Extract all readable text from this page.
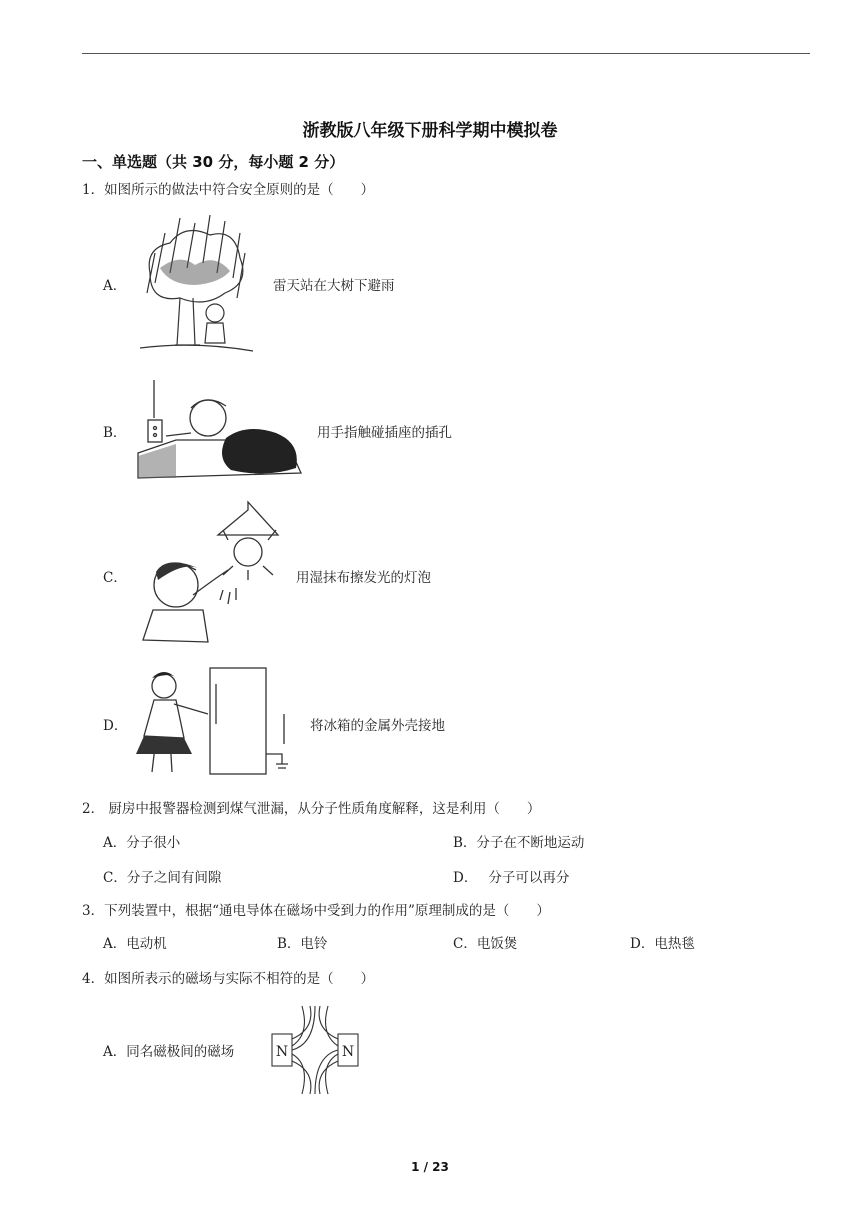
浙教版八年级下册科学期中模拟卷
一、单选题（共 30 分，每小题 2 分）
1．如图所示的做法中符合安全原则的是（　　）
A．	雷天站在大树下避雨
B．	用手指触碰插座的插孔
C．	用湿抹布擦发光的灯泡
D．	将冰箱的金属外壳接地
2． 厨房中报警器检测到煤气泄漏，从分子性质角度解释，这是利用（　　）
A．分子很小	B．分子在不断地运动
C．分子之间有间隙	D．　 分子可以再分
3．下列装置中，根据“通电导体在磁场中受到力的作用”原理制成的是（　　）
A．电动机	B．电铃	C．电饭煲	D．电热毯
4．如图所表示的磁场与实际不相符的是（　　）
A．同名磁极间的磁场	N	N
1 / 23
